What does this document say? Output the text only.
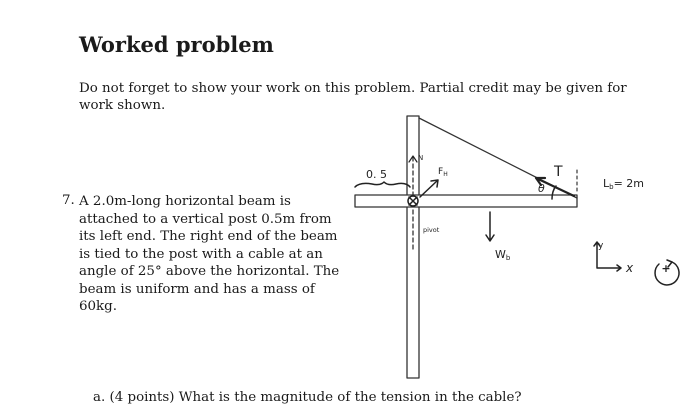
Worked problem

Do not forget to show your work on this problem. Partial credit may be given for work shown.

7. A 2.0m-long horizontal beam is attached to a vertical post 0.5m from its left end. The right end of the beam is tied to the post with a cable at an angle of 25° above the horizontal. The beam is uniform and has a mass of 60kg.

0. 5
N
$F_H$	T
θ
pivot
Wb
Lb= 2m
y
x	+
a. (4 points) What is the magnitude of the tension in the cable?
